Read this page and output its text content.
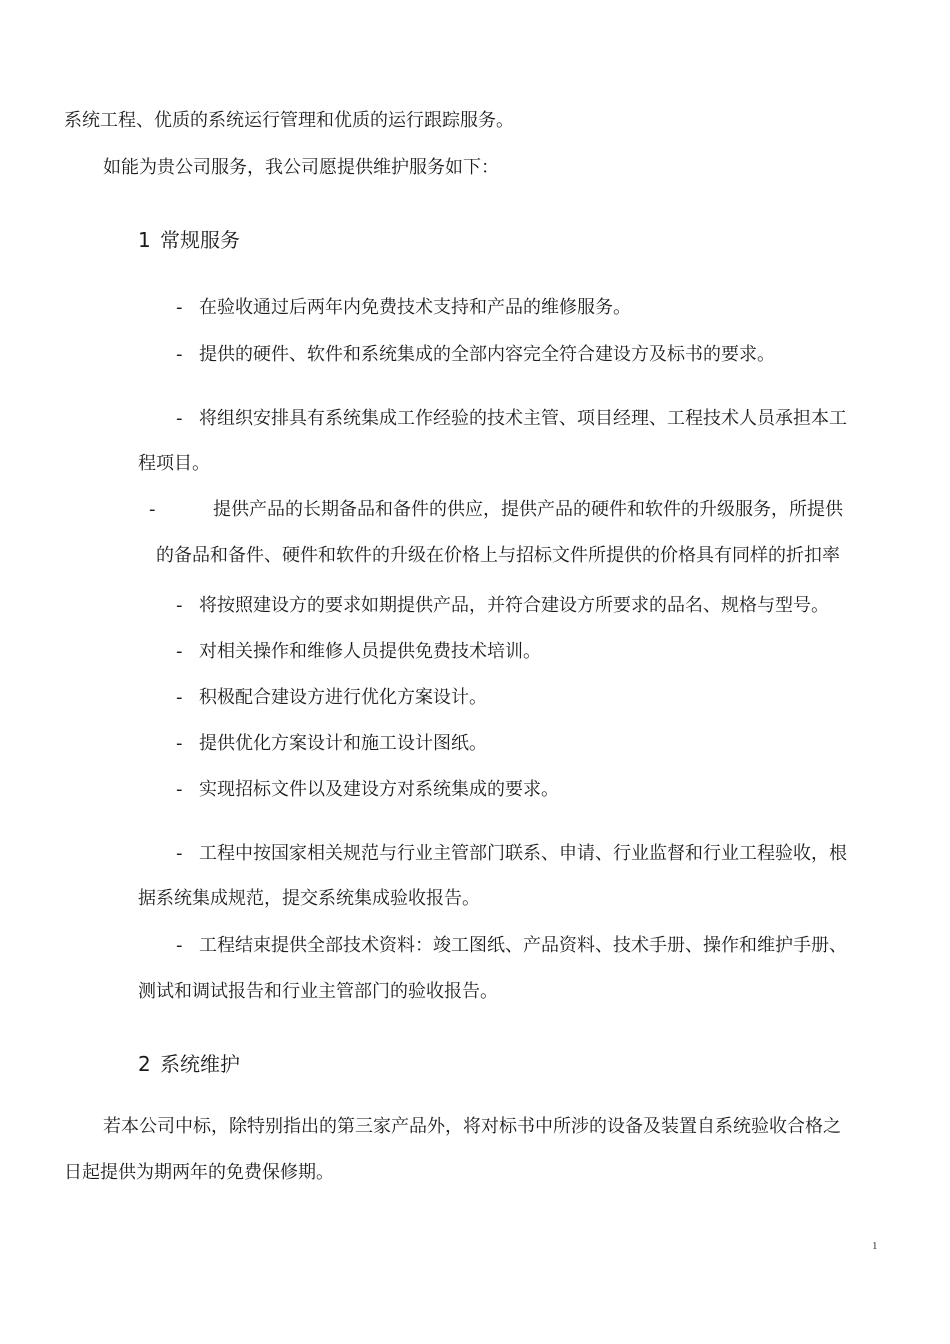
系统工程、优质的系统运行管理和优质的运行跟踪服务。
如能为贵公司服务，我公司愿提供维护服务如下：
1 常规服务
- 在验收通过后两年内免费技术支持和产品的维修服务。
- 提供的硬件、软件和系统集成的全部内容完全符合建设方及标书的要求。
- 将组织安排具有系统集成工作经验的技术主管、项目经理、工程技术人员承担本工
程项目。
-	提供产品的长期备品和备件的供应，提供产品的硬件和软件的升级服务，所提供
的备品和备件、硬件和软件的升级在价格上与招标文件所提供的价格具有同样的折扣率
- 将按照建设方的要求如期提供产品，并符合建设方所要求的品名、规格与型号。
- 对相关操作和维修人员提供免费技术培训。
- 积极配合建设方进行优化方案设计。
- 提供优化方案设计和施工设计图纸。
- 实现招标文件以及建设方对系统集成的要求。
- 工程中按国家相关规范与行业主管部门联系、申请、行业监督和行业工程验收，根
据系统集成规范，提交系统集成验收报告。
- 工程结束提供全部技术资料：竣工图纸、产品资料、技术手册、操作和维护手册、
测试和调试报告和行业主管部门的验收报告。
2 系统维护
若本公司中标，除特别指出的第三家产品外，将对标书中所涉的设备及装置自系统验收合格之
日起提供为期两年的免费保修期。
1
